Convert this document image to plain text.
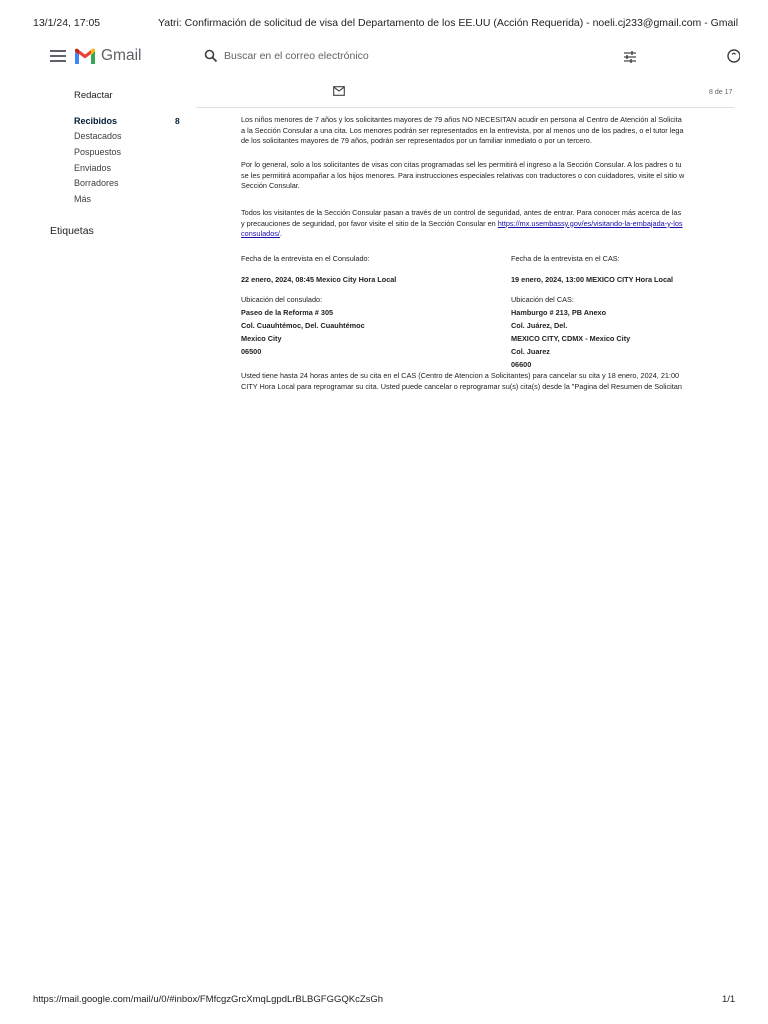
13/1/24, 17:05	Yatri: Confirmación de solicitud de visa del Departamento de los EE.UU (Acción Requerida) - noeli.cj233@gmail.com - Gmail
Gmail	Buscar en el correo electrónico
Redactar
Recibidos	8
Destacados
Pospuestos
Enviados
Borradores
Más
Etiquetas
8 de 17
Los niños menores de 7 años y los solicitantes mayores de 79 años NO NECESITAN acudir en persona al Centro de Atención al Solicita
a la Sección Consular a una cita. Los menores podrán ser representados en la entrevista, por al menos uno de los padres, o el tutor lega
de los solicitantes mayores de 79 años, podrán ser representados por un familiar inmediato o por un tercero.
Por lo general, solo a los solicitantes de visas con citas programadas sel les permitirá el ingreso a la Sección Consular. A los padres o tu
se les permitirá acompañar a los hijos menores. Para instrucciones especiales relativas con traductores o con cuidadores, visite el sitio w
Sección Consular.
Todos los visitantes de la Sección Consular pasan a través de un control de seguridad, antes de entrar. Para conocer más acerca de las
y precauciones de seguridad, por favor visite el sitio de la Sección Consular en https://mx.usembassy.gov/es/visitando-la-embajada-y-los
consulados/.
Fecha de la entrevista en el Consulado:
22 enero, 2024, 08:45 Mexico City Hora Local
Ubicación del consulado:
Paseo de la Reforma # 305
Col. Cuauhtémoc, Del. Cuauhtémoc
Mexico City
06500
Fecha de la entrevista en el CAS:
19 enero, 2024, 13:00 MEXICO CITY Hora Local
Ubicación del CAS:
Hamburgo # 213, PB Anexo
Col. Juárez, Del.
MEXICO CITY, CDMX - Mexico City
Col. Juarez
06600
Usted tiene hasta 24 horas antes de su cita en el CAS (Centro de Atencion a Solicitantes) para cancelar su cita y 18 enero, 2024, 21:00
CITY Hora Local para reprogramar su cita. Usted puede cancelar o reprogramar su(s) cita(s) desde la "Pagina del Resumen de Solicitan
https://mail.google.com/mail/u/0/#inbox/FMfcgzGrcXmqLgpdLrBLBGFGGQKcZsGh	1/1
